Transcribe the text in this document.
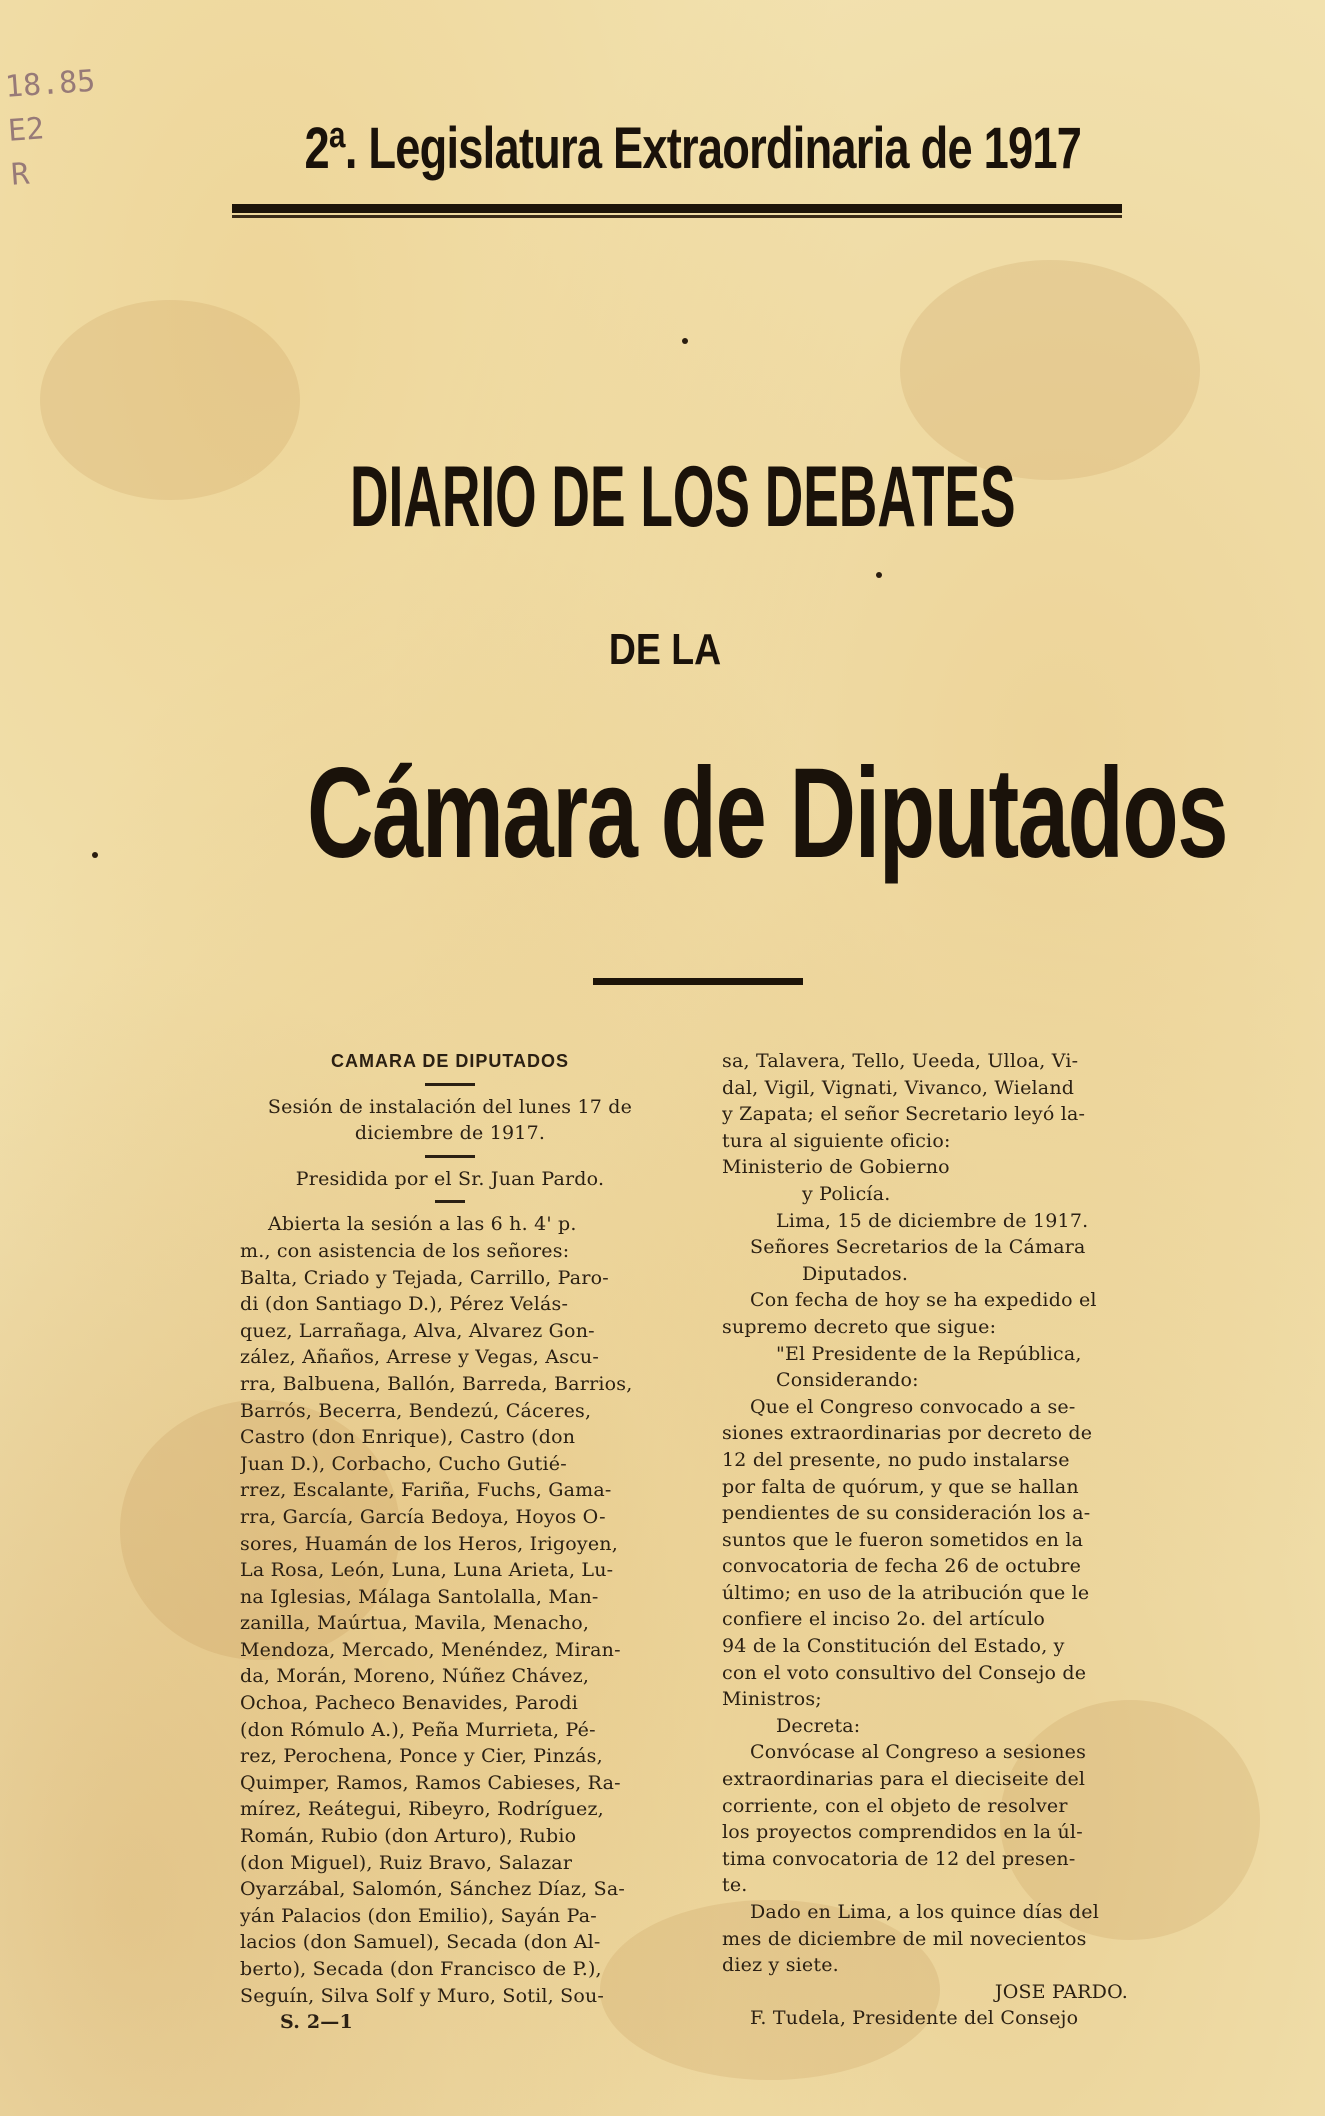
18.85
E2
R	2ª. Legislatura Extraordinaria de 1917
DIARIO DE LOS DEBATES
DE LA
Cámara de Diputados
CAMARA DE DIPUTADOS
Sesión de instalación del lunes 17 de
diciembre de 1917.
Presidida por el Sr. Juan Pardo.
Abierta la sesión a las 6 h. 4' p.
m., con asistencia de los señores:
Balta, Criado y Tejada, Carrillo, Paro-
di (don Santiago D.), Pérez Velás-
quez, Larrañaga, Alva, Alvarez Gon-
zález, Añaños, Arrese y Vegas, Ascu-
rra, Balbuena, Ballón, Barreda, Barrios,
Barrós, Becerra, Bendezú, Cáceres,
Castro (don Enrique), Castro (don
Juan D.), Corbacho, Cucho Gutié-
rrez, Escalante, Fariña, Fuchs, Gama-
rra, García, García Bedoya, Hoyos O-
sores, Huamán de los Heros, Irigoyen,
La Rosa, León, Luna, Luna Arieta, Lu-
na Iglesias, Málaga Santolalla, Man-
zanilla, Maúrtua, Mavila, Menacho,
Mendoza, Mercado, Menéndez, Miran-
da, Morán, Moreno, Núñez Chávez,
Ochoa, Pacheco Benavides, Parodi
(don Rómulo A.), Peña Murrieta, Pé-
rez, Perochena, Ponce y Cier, Pinzás,
Quimper, Ramos, Ramos Cabieses, Ra-
mírez, Reátegui, Ribeyro, Rodríguez,
Román, Rubio (don Arturo), Rubio
(don Miguel), Ruiz Bravo, Salazar
Oyarzábal, Salomón, Sánchez Díaz, Sa-
yán Palacios (don Emilio), Sayán Pa-
lacios (don Samuel), Secada (don Al-
berto), Secada (don Francisco de P.),
Seguín, Silva Solf y Muro, Sotil, Sou-
S. 2—1
sa, Talavera, Tello, Ueeda, Ulloa, Vi-
dal, Vigil, Vignati, Vivanco, Wieland
y Zapata; el señor Secretario leyó la-
tura al siguiente oficio:
Ministerio de Gobierno
y Policía.
Lima, 15 de diciembre de 1917.
Señores Secretarios de la Cámara
Diputados.
Con fecha de hoy se ha expedido el
supremo decreto que sigue:
"El Presidente de la República,
Considerando:
Que el Congreso convocado a se-
siones extraordinarias por decreto de
12 del presente, no pudo instalarse
por falta de quórum, y que se hallan
pendientes de su consideración los a-
suntos que le fueron sometidos en la
convocatoria de fecha 26 de octubre
último; en uso de la atribución que le
confiere el inciso 2o. del artículo
94 de la Constitución del Estado, y
con el voto consultivo del Consejo de
Ministros;
Decreta:
Convócase al Congreso a sesiones
extraordinarias para el dieciseite del
corriente, con el objeto de resolver
los proyectos comprendidos en la úl-
tima convocatoria de 12 del presen-
te.
Dado en Lima, a los quince días del
mes de diciembre de mil novecientos
diez y siete.
JOSE PARDO.
F. Tudela, Presidente del Consejo
